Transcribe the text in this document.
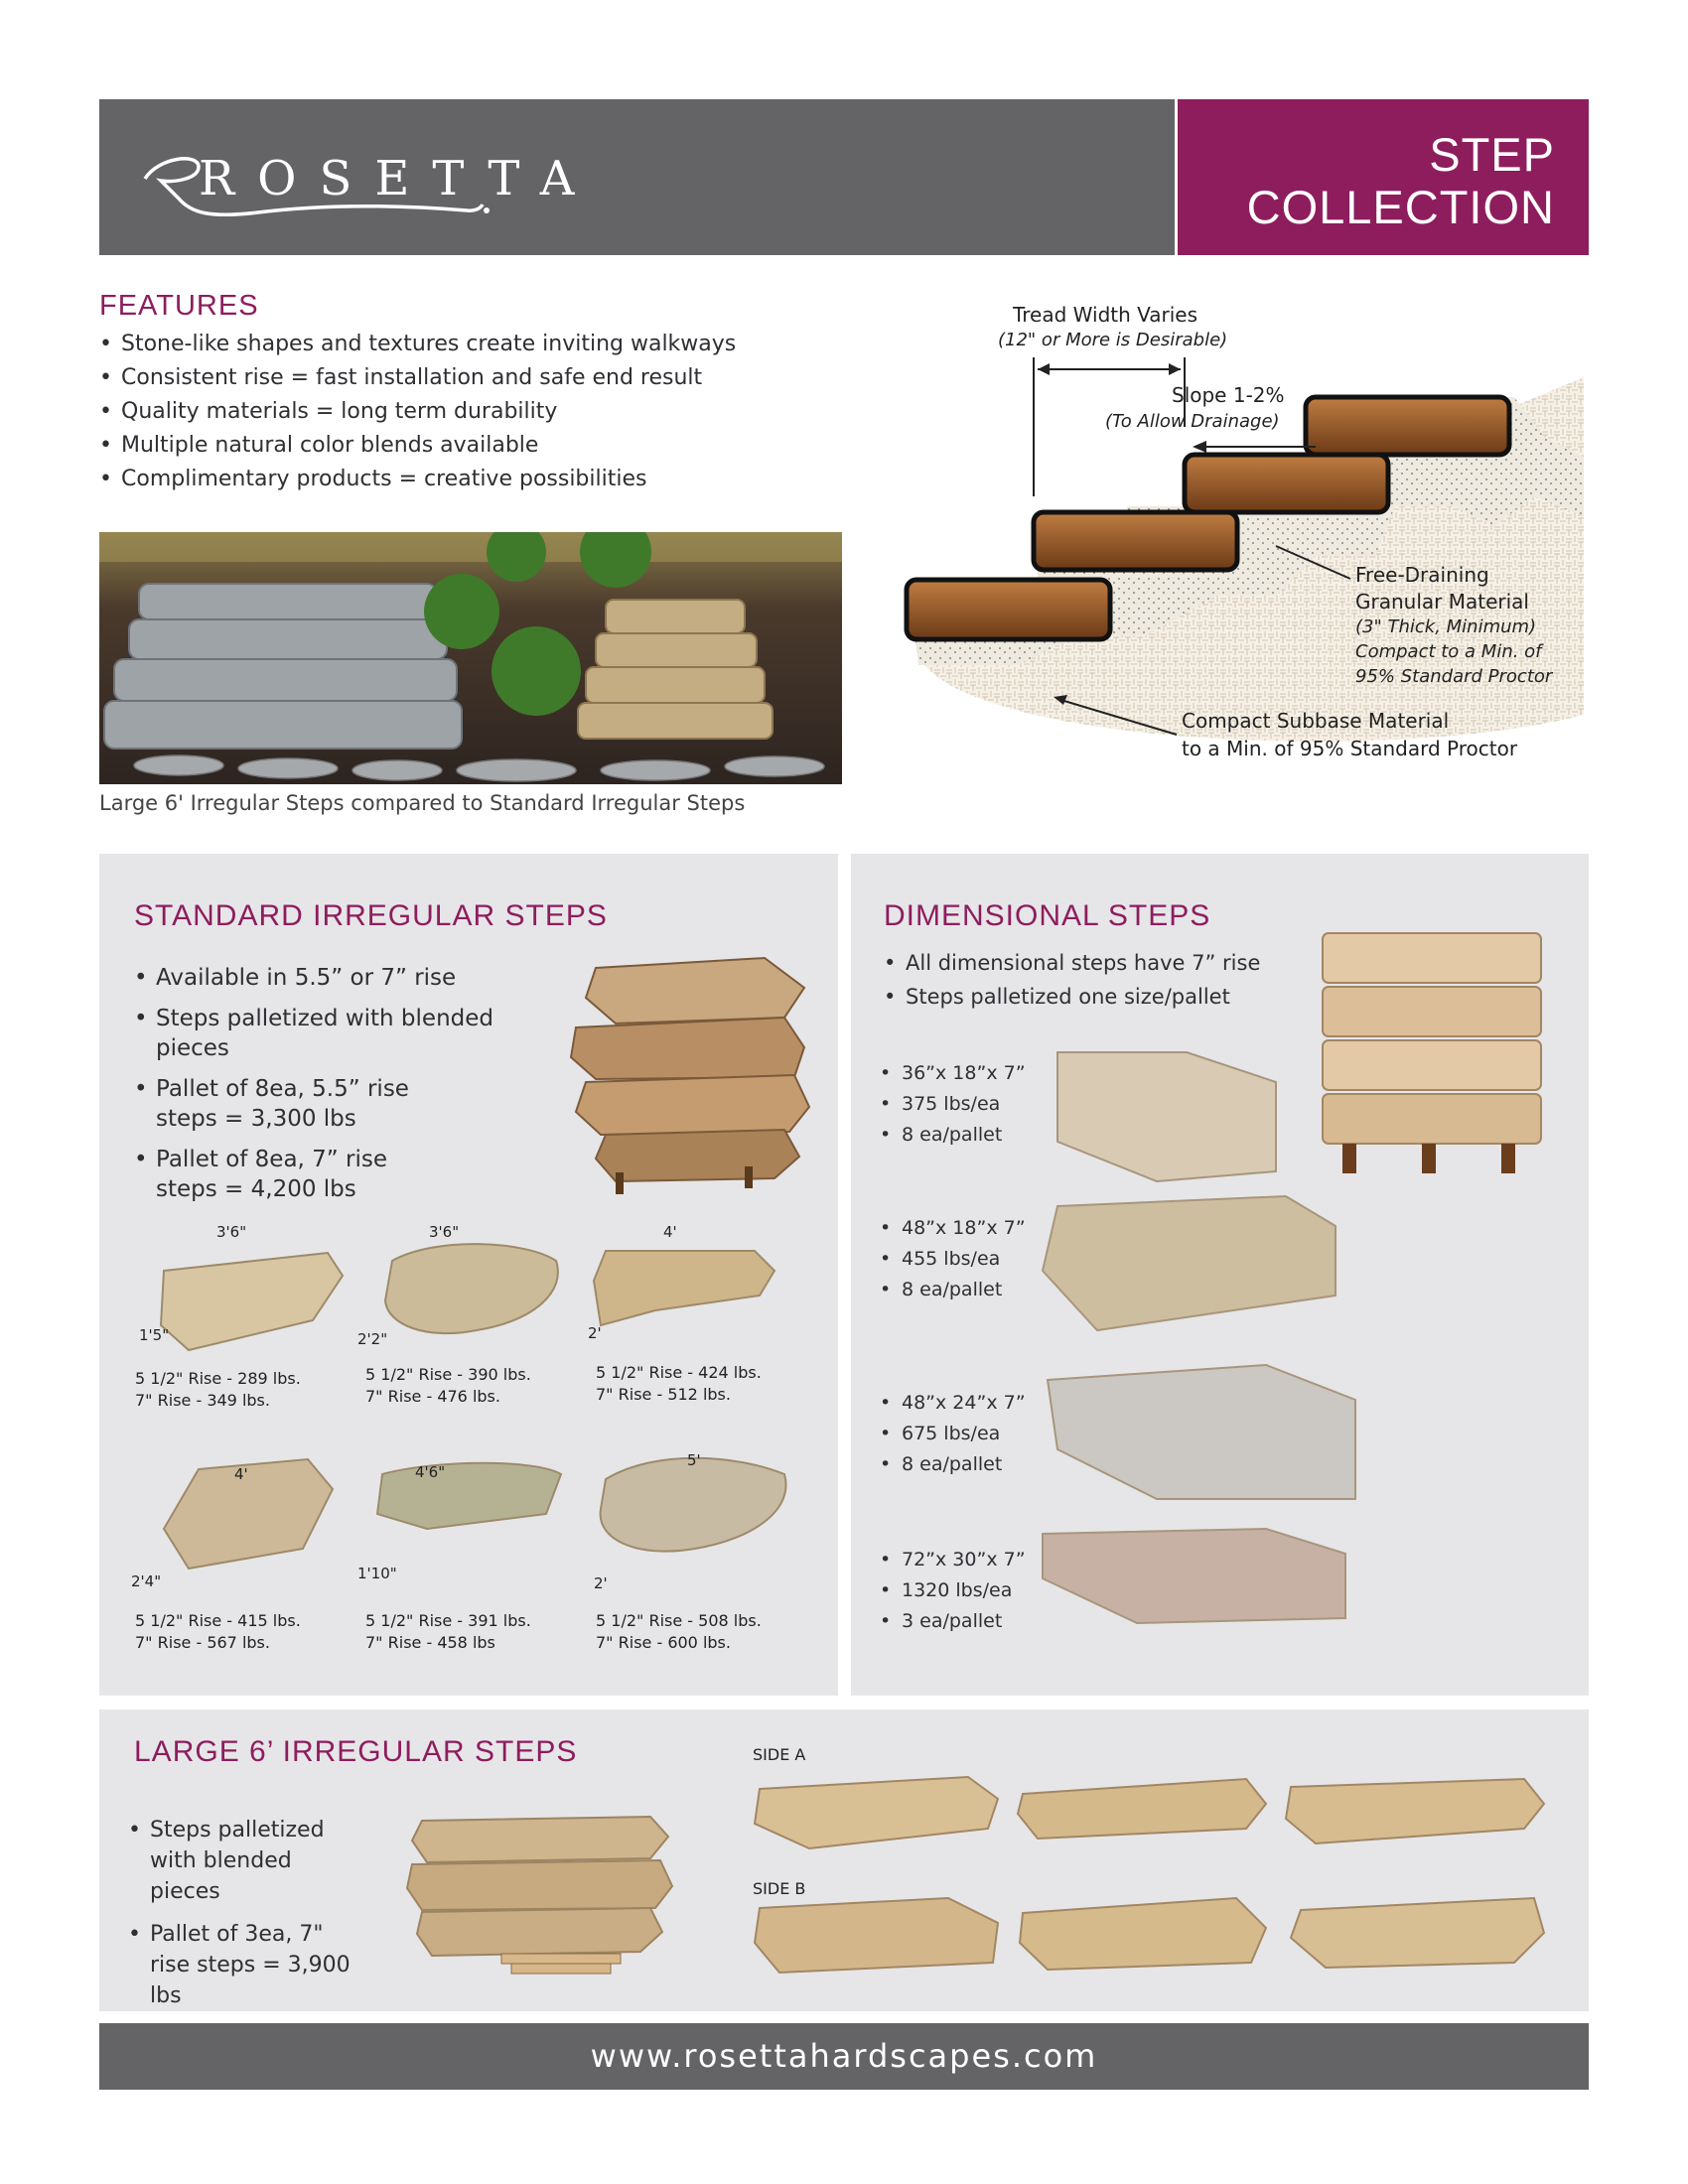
ROSETTA	STEP
COLLECTION
FEATURES
• Stone-like shapes and textures create inviting walkways
• Consistent rise = fast installation and safe end result
• Quality materials = long term durability
• Multiple natural color blends available
• Complimentary products = creative possibilities
Large 6' Irregular Steps compared to Standard Irregular Steps
Tread Width Varies
(12" or More is Desirable)
Slope 1-2%
(To Allow Drainage)
Free-Draining
Granular Material
(3" Thick, Minimum)
Compact to a Min. of
95% Standard Proctor
Compact Subbase Material
to a Min. of 95% Standard Proctor
STANDARD IRREGULAR STEPS
• Available in 5.5” or 7” rise
• Steps palletized with blended pieces
• Pallet of 8ea, 5.5” rise steps = 3,300 lbs
• Pallet of 8ea, 7” rise steps = 4,200 lbs
3'6"
1'5"
5 1/2" Rise - 289 lbs.
7" Rise - 349 lbs.
3'6"
2'2"
5 1/2" Rise - 390 lbs.
7" Rise - 476 lbs.
4'
2'
5 1/2" Rise - 424 lbs.
7" Rise - 512 lbs.
4'
2'4"
5 1/2" Rise - 415 lbs.
7" Rise - 567 lbs.
4'6"
1'10"
5 1/2" Rise - 391 lbs.
7" Rise - 458 lbs
5'
2'
5 1/2" Rise - 508 lbs.
7" Rise - 600 lbs.
DIMENSIONAL STEPS
• All dimensional steps have 7” rise
• Steps palletized one size/pallet
• 36”x 18”x 7”
• 375 lbs/ea
• 8 ea/pallet
• 48”x 18”x 7”
• 455 lbs/ea
• 8 ea/pallet
• 48”x 24”x 7”
• 675 lbs/ea
• 8 ea/pallet
• 72”x 30”x 7”
• 1320 lbs/ea
• 3 ea/pallet
LARGE 6’ IRREGULAR STEPS
• Steps palletized with blended pieces
• Pallet of 3ea, 7" rise steps = 3,900 lbs
SIDE A
SIDE B
www.rosettahardscapes.com
